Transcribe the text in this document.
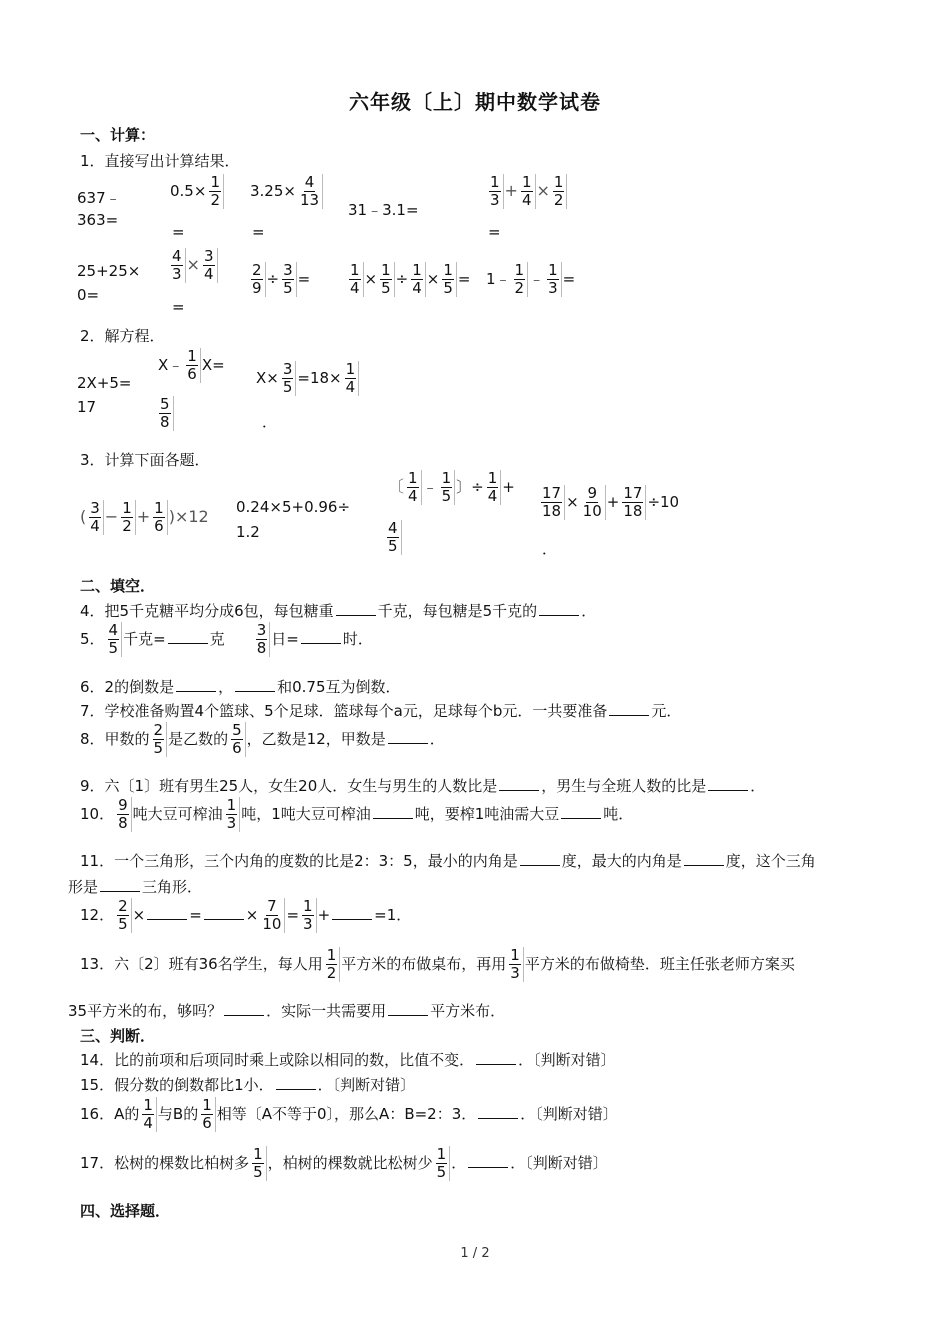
六年级〔上〕期中数学试卷
一、计算：
1．直接写出计算结果．
637﹣
363=
$0.5\times \frac{1}{2}$
=
$3.25\times \frac{4}{13}$
=
31﹣3.1=
$\frac{1}{3} + \frac{1}{4} \times \frac{1}{2}$
=
25+25×
0=
$\frac{4}{3} \times \frac{3}{4}$
=
$\frac{2}{9} \div \frac{3}{5} = \frac{1}{4} \times \frac{1}{5} \div \frac{1}{4} \times \frac{1}{5}$ = 1﹣ $\frac{1}{2}$ ﹣ $\frac{1}{3}$ =
2．解方程．
2X+5=
17
X﹣ $\frac{1}{6} X=$
$\frac{5}{8}$
$X\times \frac{3}{5} =18\times \frac{1}{4}$
．
3．计算下面各题．
( $\frac{3}{4} - \frac{1}{2} + \frac{1}{6} )\times 12$ 0.24×5+0.96÷
1.2
〔 $\frac{1}{4}$ ﹣ $\frac{1}{5}$ 〕÷ $\frac{1}{4}$ +
$\frac{4}{5}$
$\frac{17}{18} \times \frac{9}{10} + \frac{17}{18} \div 10$
．
二、填空．
4．把5千克糖平均分成6包，每包糖重	千克，每包糖是5千克的	．
5． $\frac{4}{5}$ 千克=	克 $\frac{3}{8}$ 日=	时．
6．2的倒数是	，	和0.75互为倒数．
7．学校准备购置4个篮球、5个足球．篮球每个a元，足球每个b元．一共要准备	元．
8．甲数的 $\frac{2}{5}$ 是乙数的 $\frac{5}{6}$ ，乙数是12，甲数是	．
9．六〔1〕班有男生25人，女生20人．女生与男生的人数比是	，男生与全班人数的比是	．
10． $\frac{9}{8}$ 吨大豆可榨油 $\frac{1}{3}$ 吨，1吨大豆可榨油	吨，要榨1吨油需大豆	吨．
11．一个三角形，三个内角的度数的比是2：3：5，最小的内角是	度，最大的内角是	度，这个三角
形是	三角形．
12． $\frac{2}{5}$ ×	=	× $\frac{7}{10} = \frac{1}{3}$ +	=1．
13．六〔2〕班有36名学生，每人用 $\frac{1}{2}$ 平方米的布做桌布，再用 $\frac{1}{3}$ 平方米的布做椅垫．班主任张老师方案买
35平方米的布，够吗？	．实际一共需要用	平方米布．
三、判断．
14．比的前项和后项同时乘上或除以相同的数，比值不变．	．〔判断对错〕
15．假分数的倒数都比1小．	．〔判断对错〕
16．A的 $\frac{1}{4}$ 与B的 $\frac{1}{6}$ 相等〔A不等于0〕，那么A：B=2：3．	．〔判断对错〕
17．松树的棵数比柏树多 $\frac{1}{5}$ ，柏树的棵数就比松树少 $\frac{1}{5}$ ．	．〔判断对错〕
四、选择题．
1 / 2
